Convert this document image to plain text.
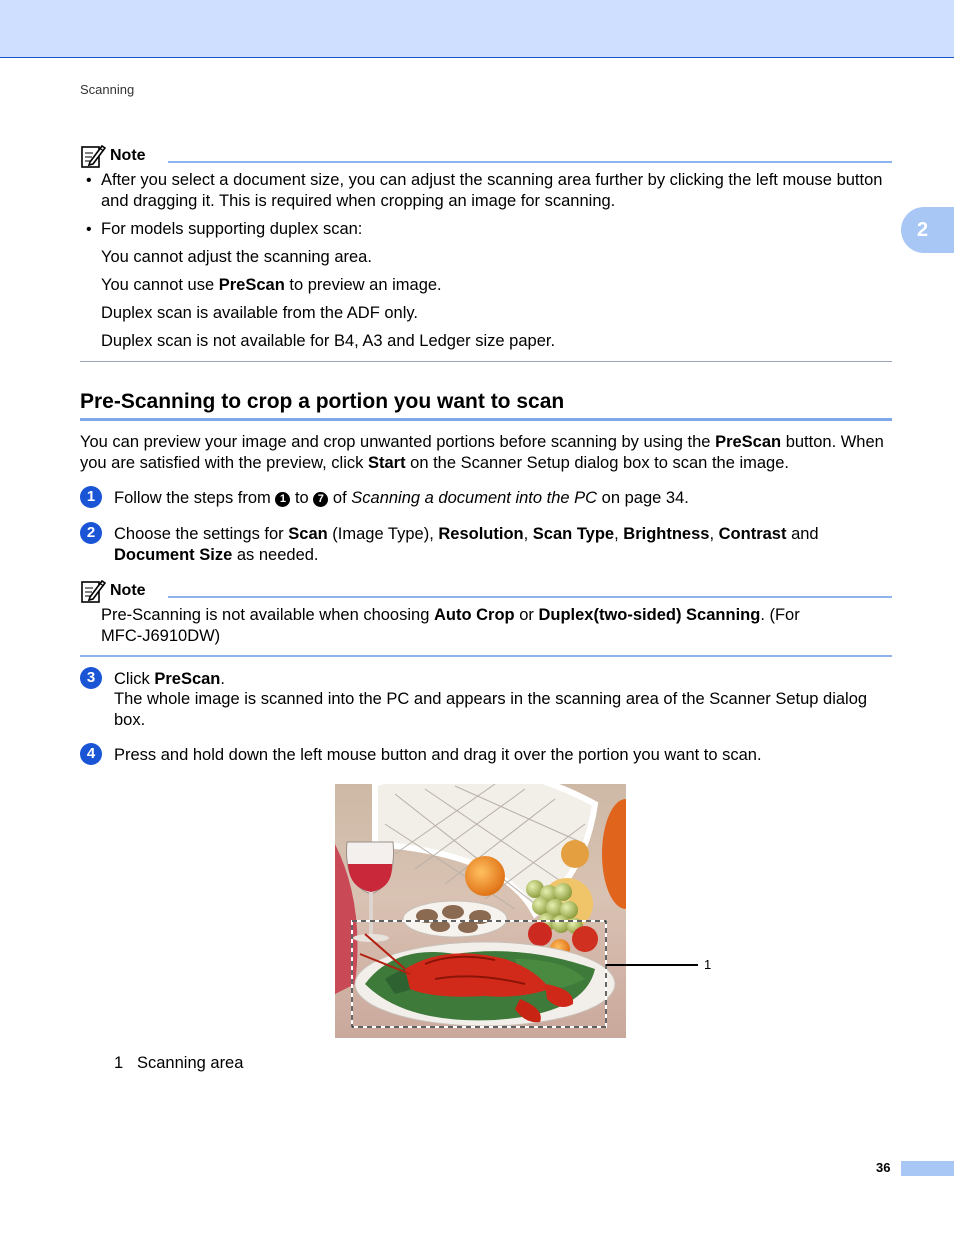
Scanning
2
Note
• After you select a document size, you can adjust the scanning area further by clicking the left mouse button and dragging it. This is required when cropping an image for scanning.
• For models supporting duplex scan:
You cannot adjust the scanning area.
You cannot use PreScan to preview an image.
Duplex scan is available from the ADF only.
Duplex scan is not available for B4, A3 and Ledger size paper.
Pre-Scanning to crop a portion you want to scan
You can preview your image and crop unwanted portions before scanning by using the PreScan button. When you are satisfied with the preview, click Start on the Scanner Setup dialog box to scan the image.
1	Follow the steps from 1 to 7 of Scanning a document into the PC on page 34.
2	Choose the settings for Scan (Image Type), Resolution, Scan Type, Brightness, Contrast and Document Size as needed.
Note
Pre-Scanning is not available when choosing Auto Crop or Duplex(two-sided) Scanning. (For MFC-J6910DW)
3	Click PreScan.
The whole image is scanned into the PC and appears in the scanning area of the Scanner Setup dialog box.
4	Press and hold down the left mouse button and drag it over the portion you want to scan.
1
1 Scanning area
36
